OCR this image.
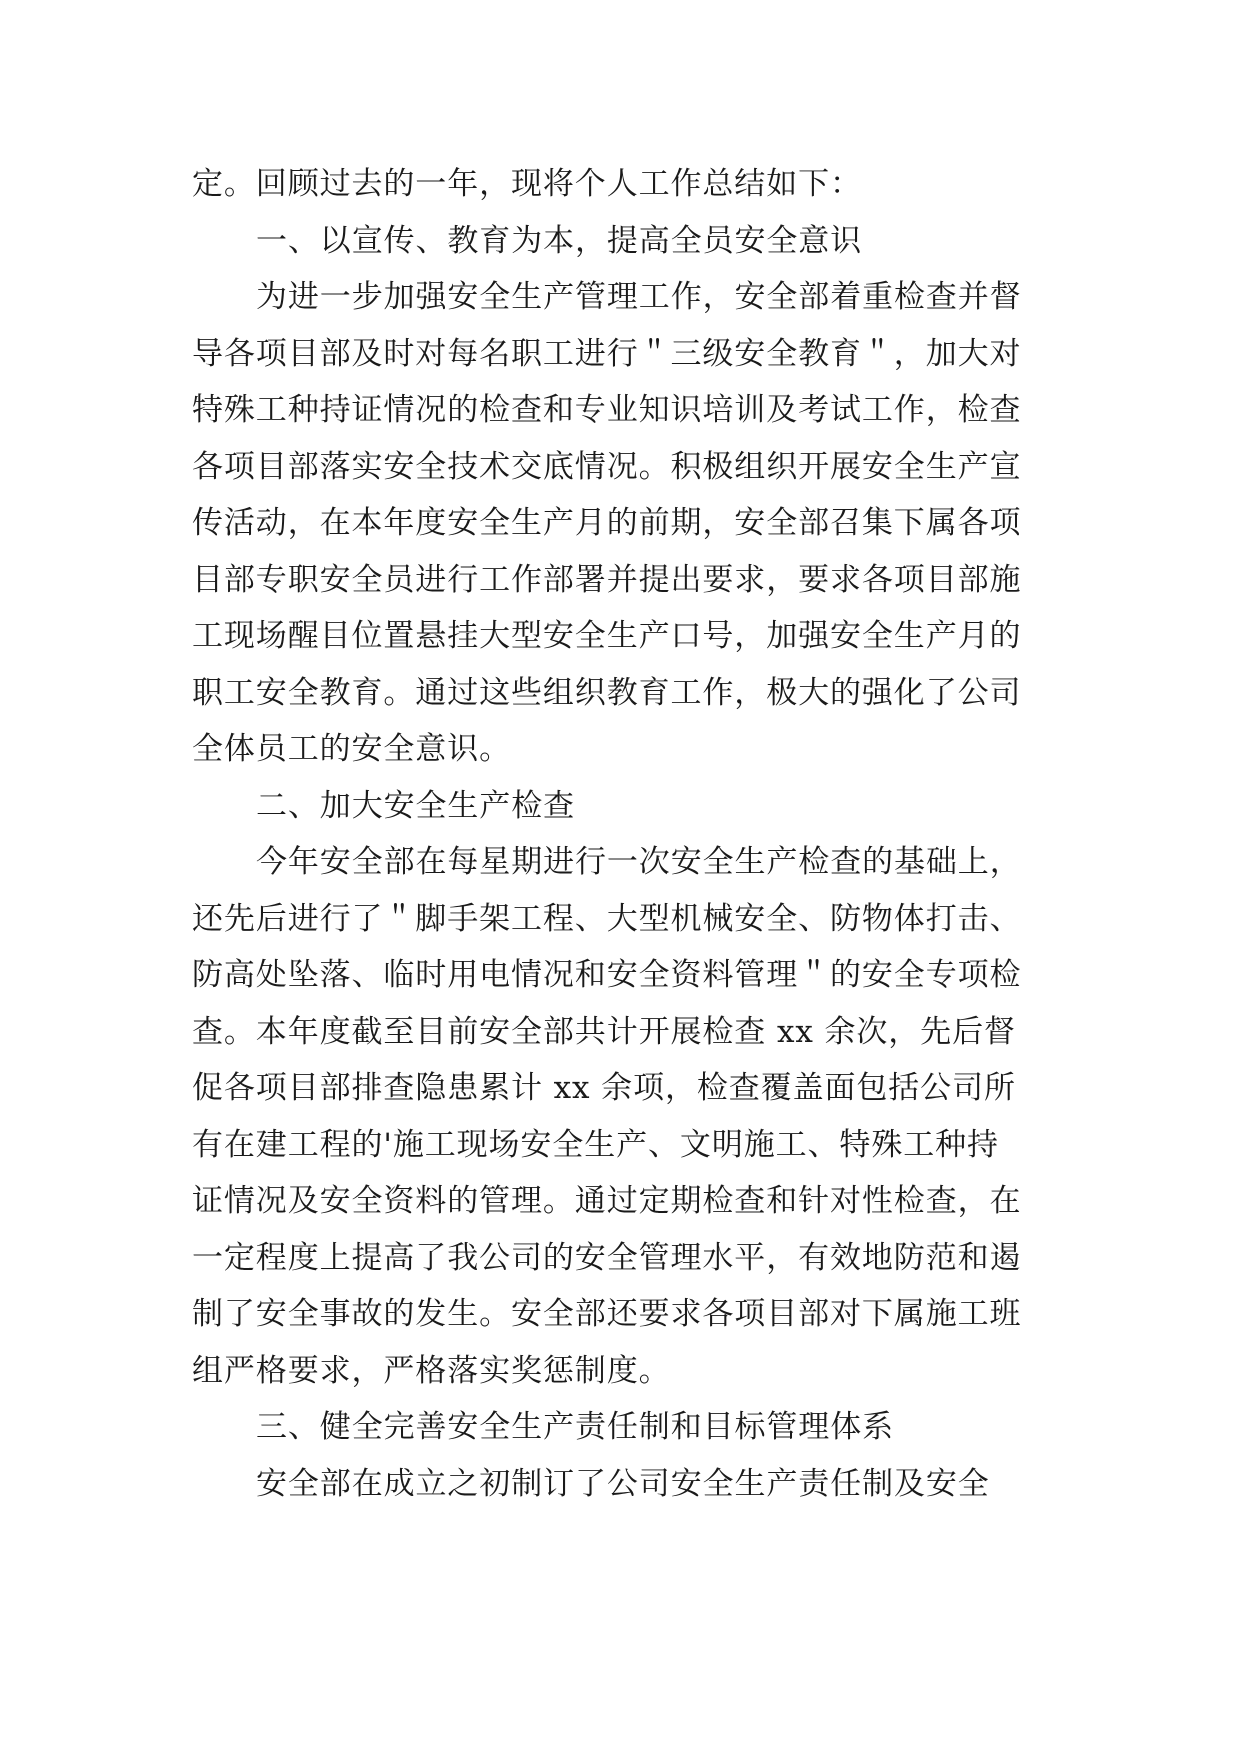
定。回顾过去的一年，现将个人工作总结如下：
一、以宣传、教育为本，提高全员安全意识
为进一步加强安全生产管理工作，安全部着重检查并督
导各项目部及时对每名职工进行＂三级安全教育＂，加大对
特殊工种持证情况的检查和专业知识培训及考试工作，检查
各项目部落实安全技术交底情况。积极组织开展安全生产宣
传活动，在本年度安全生产月的前期，安全部召集下属各项
目部专职安全员进行工作部署并提出要求，要求各项目部施
工现场醒目位置悬挂大型安全生产口号，加强安全生产月的
职工安全教育。通过这些组织教育工作，极大的强化了公司
全体员工的安全意识。
二、加大安全生产检查
今年安全部在每星期进行一次安全生产检查的基础上，
还先后进行了＂脚手架工程、大型机械安全、防物体打击、
防高处坠落、临时用电情况和安全资料管理＂的安全专项检
查。本年度截至目前安全部共计开展检查 xx 余次，先后督
促各项目部排查隐患累计 xx 余项，检查覆盖面包括公司所
有在建工程的'施工现场安全生产、文明施工、特殊工种持
证情况及安全资料的管理。通过定期检查和针对性检查，在
一定程度上提高了我公司的安全管理水平，有效地防范和遏
制了安全事故的发生。安全部还要求各项目部对下属施工班
组严格要求，严格落实奖惩制度。
三、健全完善安全生产责任制和目标管理体系
安全部在成立之初制订了公司安全生产责任制及安全
